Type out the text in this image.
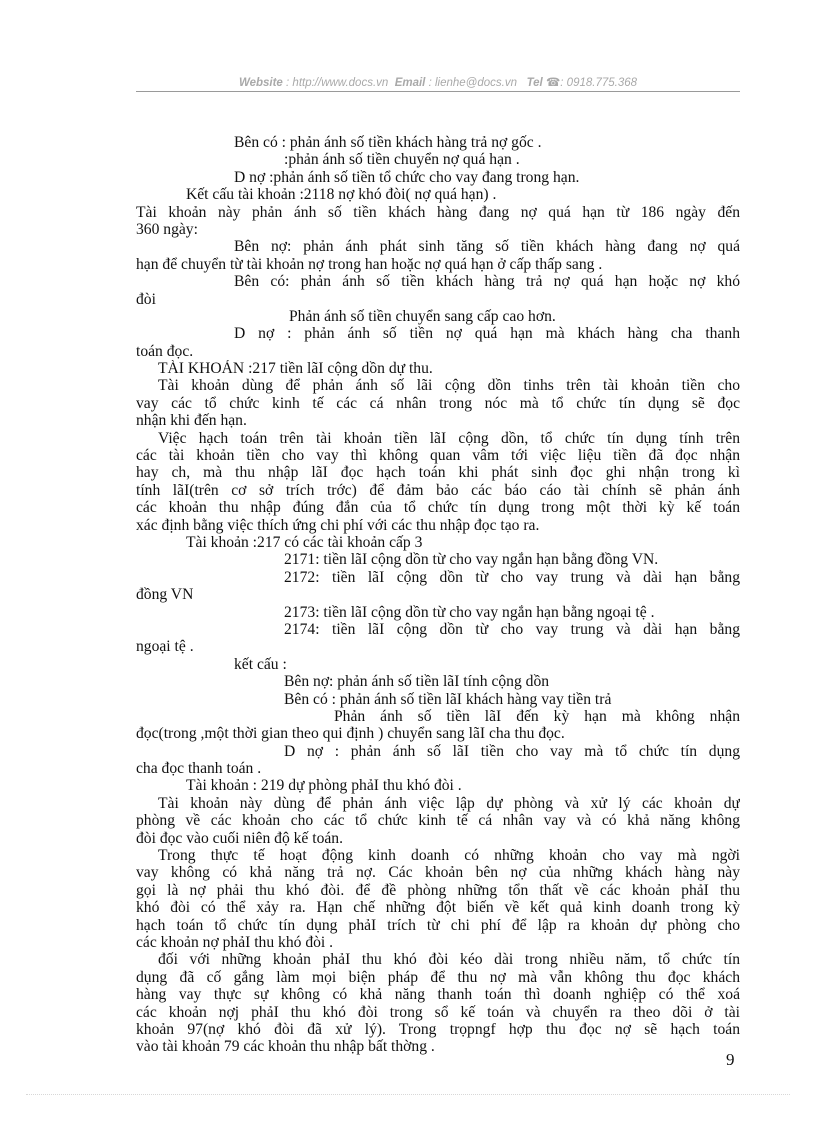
Website : http://www.docs.vn Email : lienhe@docs.vn Tel ☎: 0918.775.368
Bên có : phản ánh số tiền khách hàng trả nợ gốc .
:phản ánh số tiền chuyển nợ quá hạn .
D nợ :phản ánh số tiền tổ chức cho vay đang trong hạn.
Kết cấu tài khoản :2118 nợ khó đòi( nợ quá hạn) .
Tài khoản này phản ánh số tiền khách hàng đang nợ quá hạn từ 186 ngày đến
360 ngày:
Bên nợ: phản ánh phát sinh tăng số tiền khách hàng đang nợ quá
hạn để chuyển từ tài khoản nợ trong han hoặc nợ quá hạn ở cấp thấp sang .
Bên có: phản ánh số tiền khách hàng trả nợ quá hạn hoặc nợ khó
đòi
Phản ánh số tiền chuyển sang cấp cao hơn.
D nợ : phản ánh số tiền nợ quá hạn mà khách hàng cha thanh
toán đọc.
TÀI KHOẢN :217 tiền lãI cộng dồn dự thu.
Tài khoản dùng để phản ánh số lãi cộng dồn tinhs trên tài khoản tiền cho
vay các tổ chức kinh tế các cá nhân trong nóc mà tổ chức tín dụng sẽ đọc
nhận khi đến hạn.
Việc hạch toán trên tài khoản tiền lãI cộng dồn, tổ chức tín dụng tính trên
các tài khoản tiền cho vay thì không quan vâm tới việc liệu tiền đã đọc nhận
hay ch, mà thu nhập lãI đọc hạch toán khi phát sinh đọc ghi nhận trong kì
tính lãI(trên cơ sở trích trớc) để đảm bảo các báo cáo tài chính sẽ phản ánh
các khoản thu nhập đúng đắn của tổ chức tín dụng trong một thời kỳ kế toán
xác định bằng việc thích ứng chi phí với các thu nhập đọc tạo ra.
Tài khoản :217 có các tài khoản cấp 3
2171: tiền lãI cộng dồn từ cho vay ngắn hạn bằng đồng VN.
2172: tiền lãI cộng dồn từ cho vay trung và dài hạn bằng
đồng VN
2173: tiền lãI cộng dồn từ cho vay ngắn hạn bằng ngoại tệ .
2174: tiền lãI cộng dồn từ cho vay trung và dài hạn bằng
ngoại tệ .
kết cấu :
Bên nợ: phản ánh số tiền lãI tính cộng dồn
Bên có : phản ánh số tiền lãI khách hàng vay tiền trả
Phản ánh số tiền lãI đến kỳ hạn mà không nhận
đọc(trong ,một thời gian theo qui định ) chuyển sang lãI cha thu đọc.
D nợ : phản ánh số lãI tiền cho vay mà tổ chức tín dụng
cha đọc thanh toán .
Tài khoản : 219 dự phòng phảI thu khó đòi .
Tài khoản này dùng để phản ánh việc lập dự phòng và xử lý các khoản dự
phòng về các khoản cho các tổ chức kinh tế cá nhân vay và có khả năng không
đòi đọc vào cuối niên độ kế toán.
Trong thực tế hoạt động kinh doanh có những khoản cho vay mà ngời
vay không có khả năng trả nợ. Các khoản bên nợ của những khách hàng này
gọi là nợ phải thu khó đòi. để đề phòng những tổn thất về các khoản phảI thu
khó đòi có thể xảy ra. Hạn chế những đột biến về kết quả kinh doanh trong kỳ
hạch toán tổ chức tín dụng phảI trích từ chi phí để lập ra khoản dự phòng cho
các khoản nợ phảI thu khó đòi .
đối với những khoản phảI thu khó đòi kéo dài trong nhiều năm, tổ chức tín
dụng đã cố gắng làm mọi biện pháp để thu nợ mà vẫn không thu đọc khách
hàng vay thực sự không có khả năng thanh toán thì doanh nghiệp có thể xoá
các khoản nợj phảI thu khó đòi trong sổ kế toán và chuyển ra theo dõi ở tài
khoản 97(nợ khó đòi đã xử lý). Trong trọpngf hợp thu đọc nợ sẽ hạch toán
vào tài khoản 79 các khoản thu nhập bất thờng .
9
